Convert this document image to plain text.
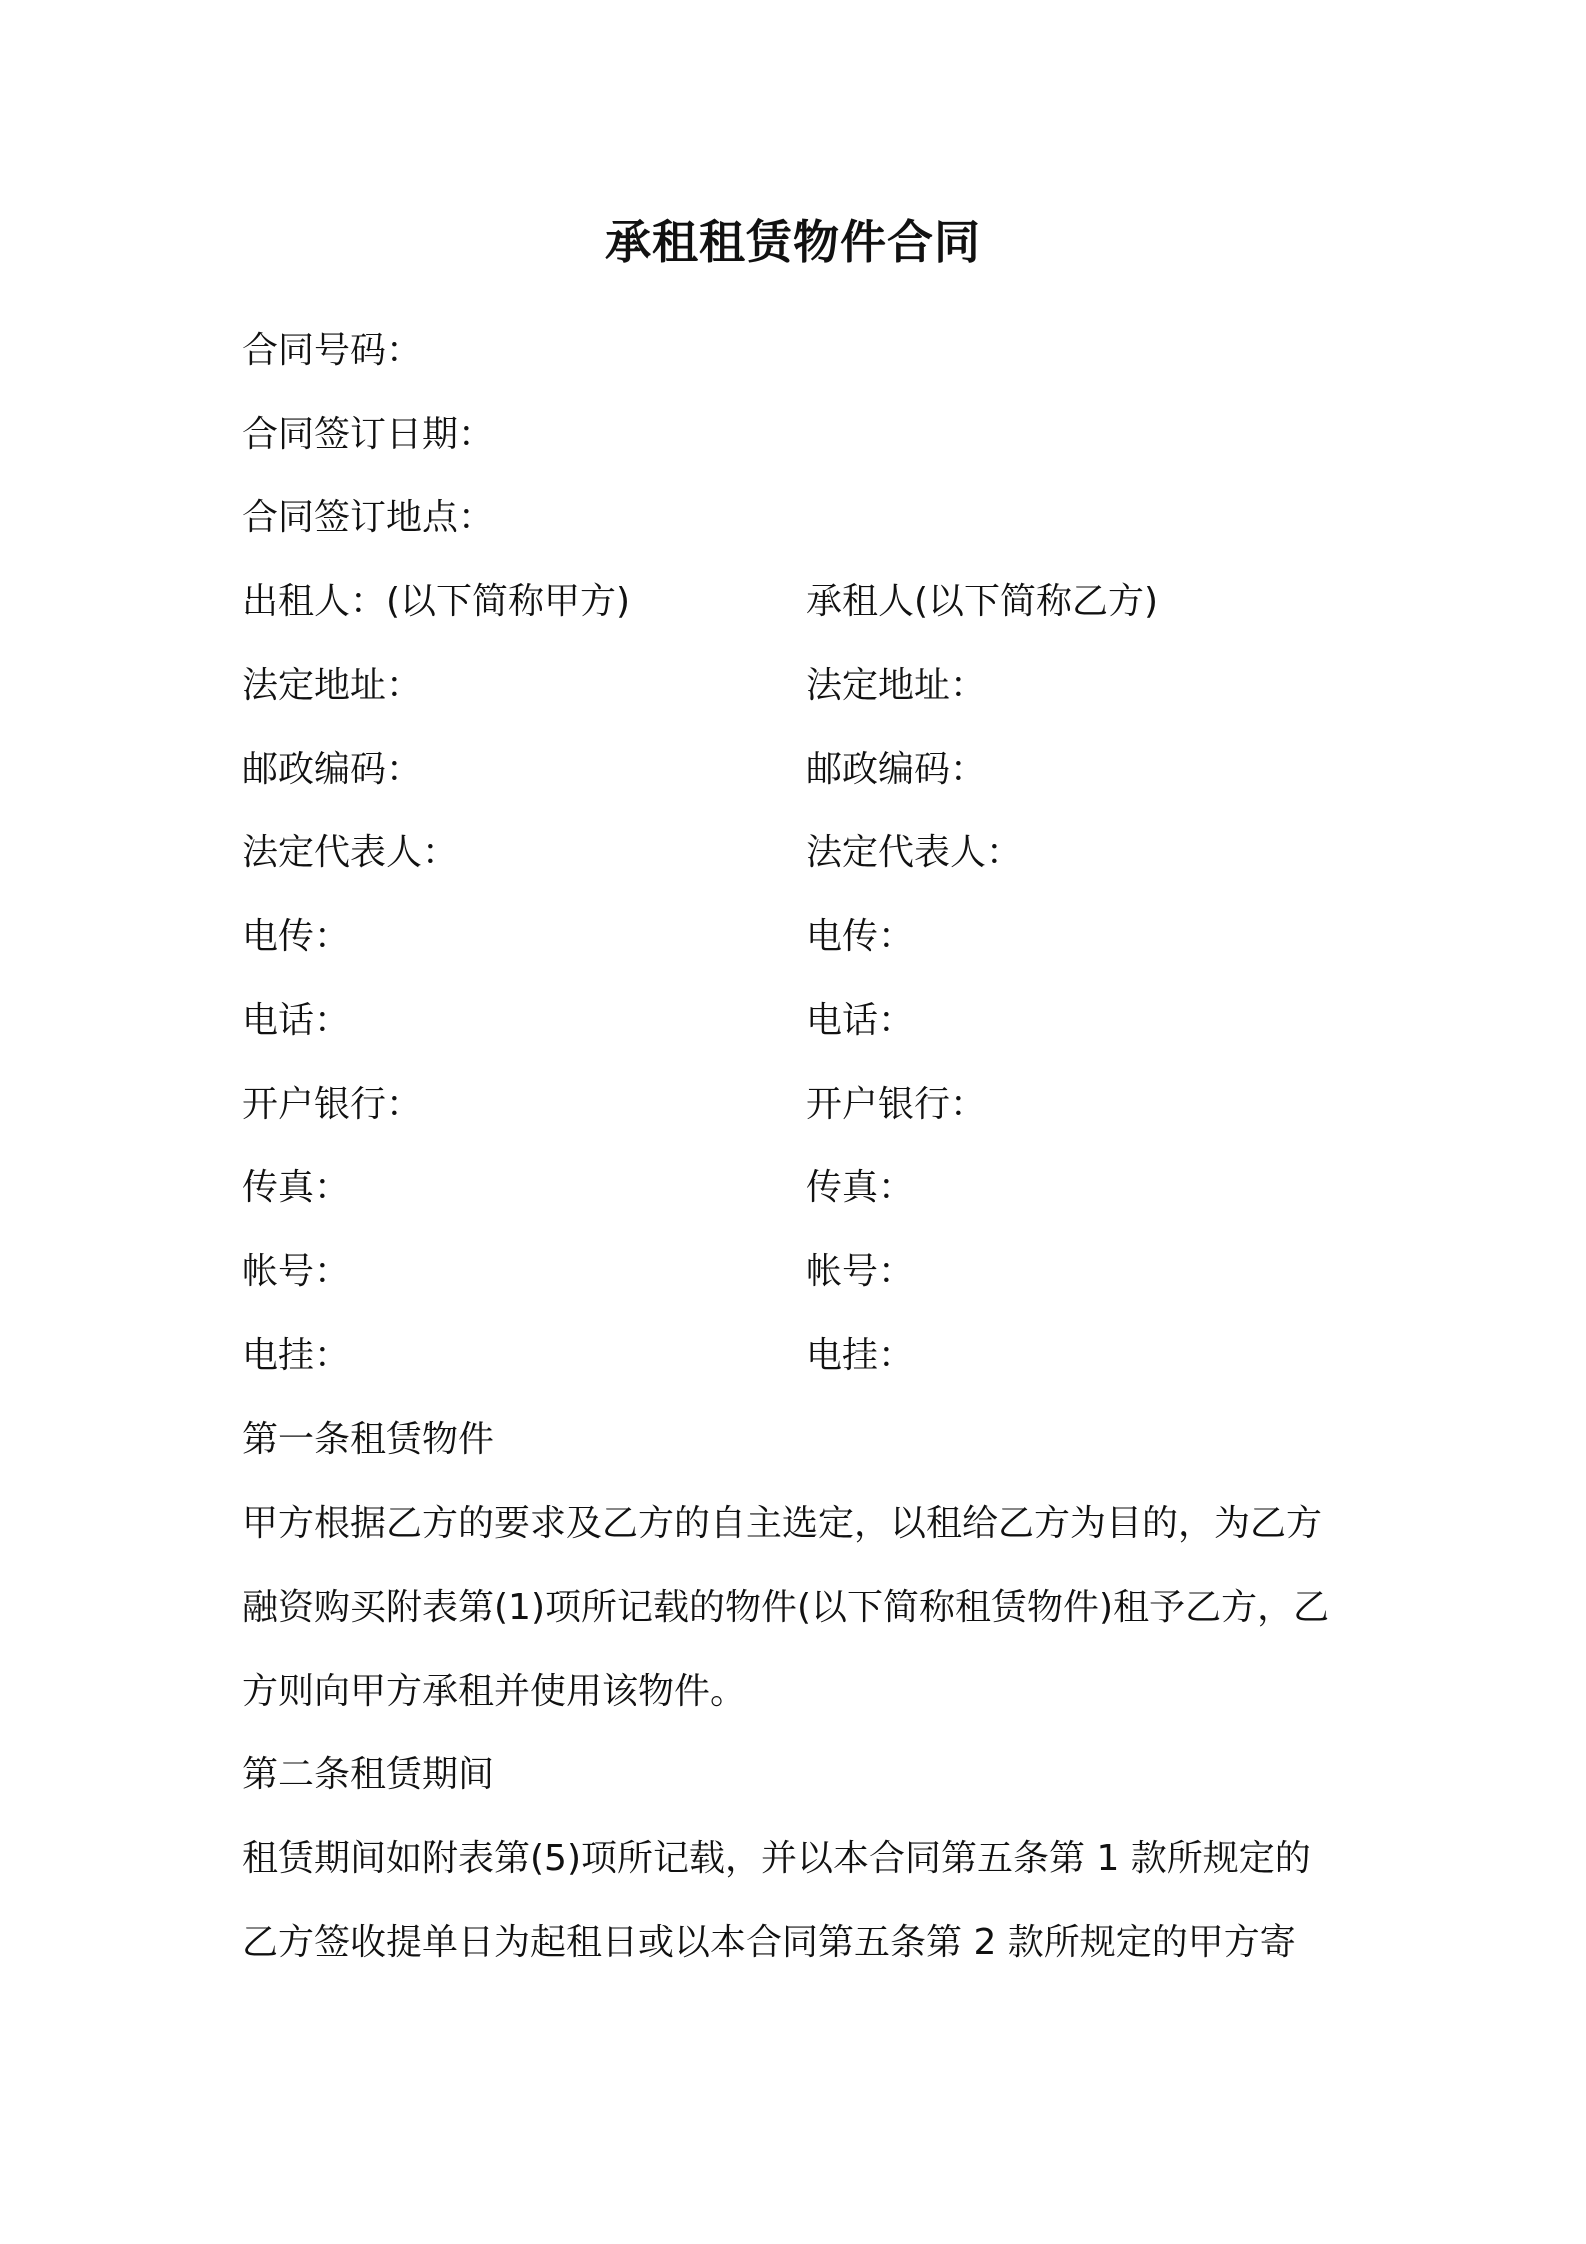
承租租赁物件合同
合同号码：
合同签订日期：
合同签订地点：
出租人：(以下简称甲方)	承租人(以下简称乙方)
法定地址：	法定地址：
邮政编码：	邮政编码：
法定代表人：	法定代表人：
电传：	电传：
电话：	电话：
开户银行：	开户银行：
传真：	传真：
帐号：	帐号：
电挂：	电挂：
第一条租赁物件
甲方根据乙方的要求及乙方的自主选定，以租给乙方为目的，为乙方
融资购买附表第(1)项所记载的物件(以下简称租赁物件)租予乙方，乙
方则向甲方承租并使用该物件。
第二条租赁期间
租赁期间如附表第(5)项所记载，并以本合同第五条第 1 款所规定的
乙方签收提单日为起租日或以本合同第五条第 2 款所规定的甲方寄
